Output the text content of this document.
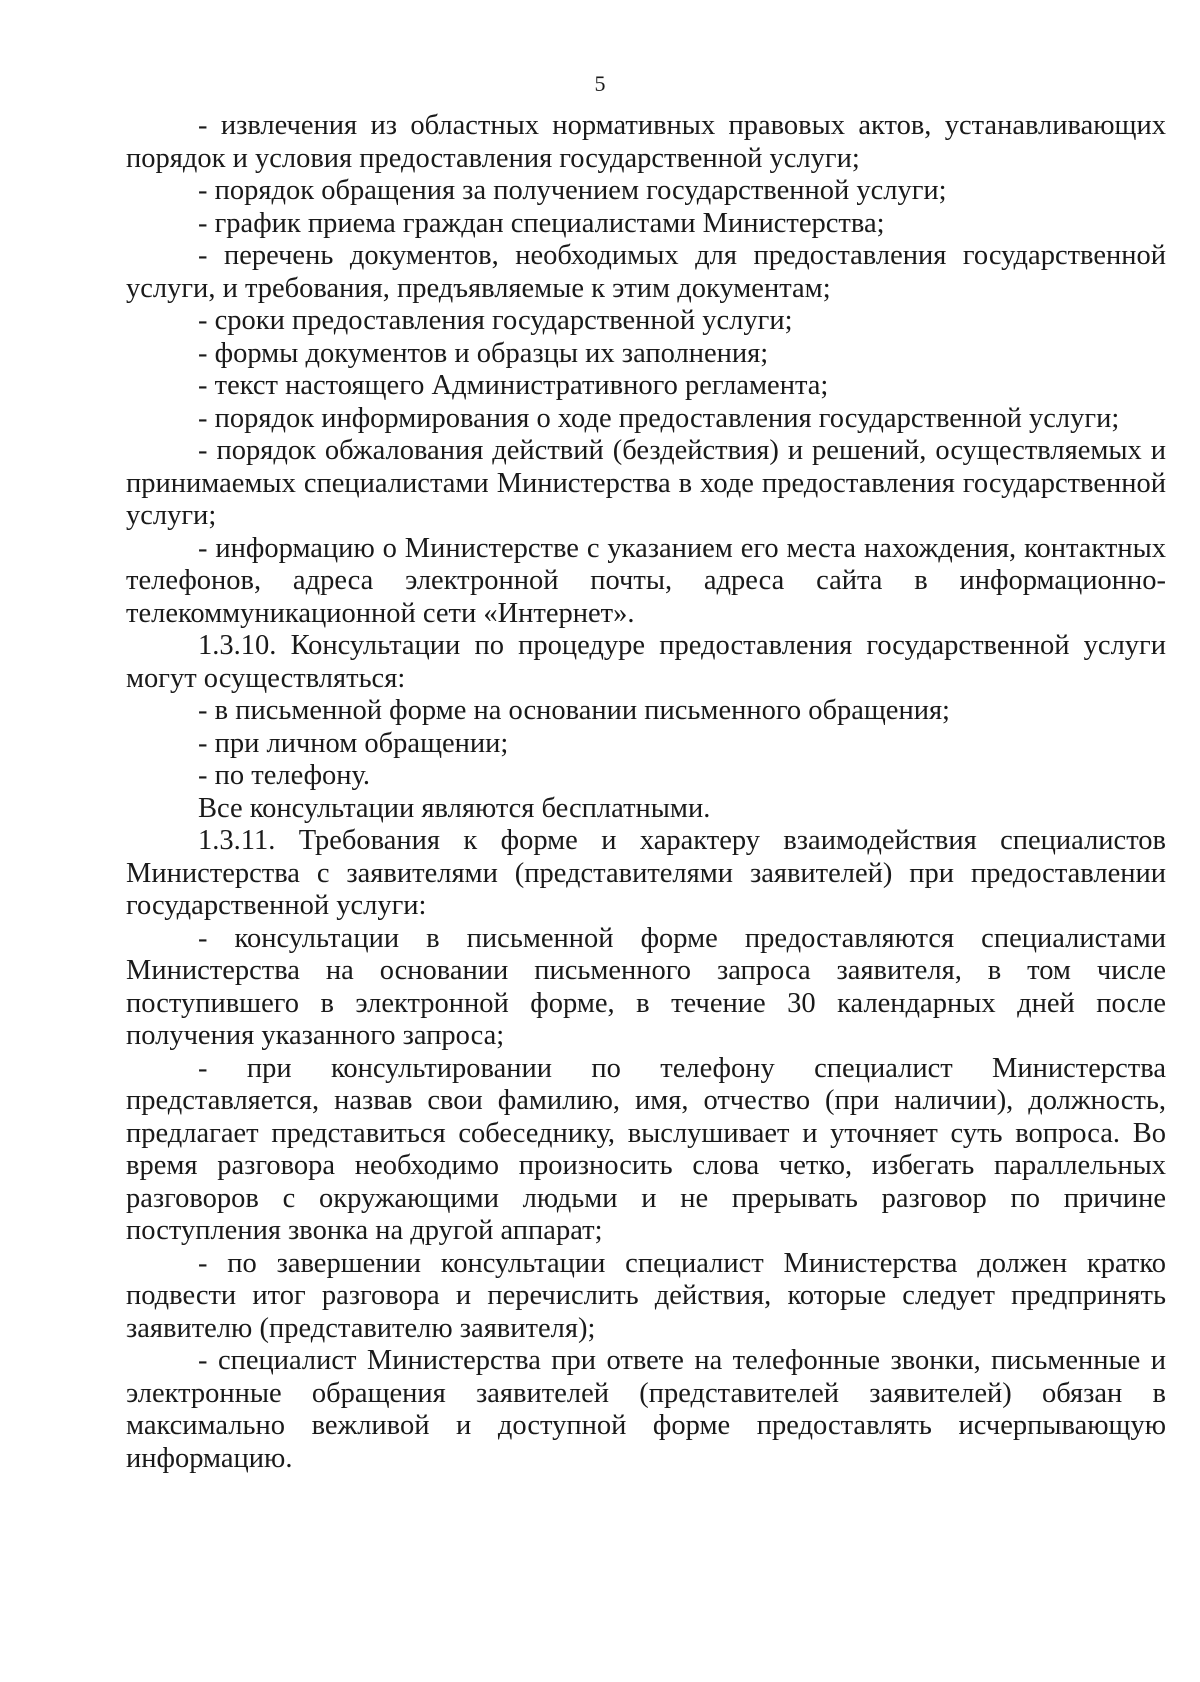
5

- извлечения из областных нормативных правовых актов, устанавливающих порядок и условия предоставления государственной услуги;

- порядок обращения за получением государственной услуги;

- график приема граждан специалистами Министерства;

- перечень документов, необходимых для предоставления государственной услуги, и требования, предъявляемые к этим документам;

- сроки предоставления государственной услуги;

- формы документов и образцы их заполнения;

- текст настоящего Административного регламента;

- порядок информирования о ходе предоставления государственной услуги;

- порядок обжалования действий (бездействия) и решений, осуществляемых и принимаемых специалистами Министерства в ходе предоставления государственной услуги;

- информацию о Министерстве с указанием его места нахождения, контактных телефонов, адреса электронной почты, адреса сайта в информационно-телекоммуникационной сети «Интернет».

1.3.10. Консультации по процедуре предоставления государственной услуги могут осуществляться:

- в письменной форме на основании письменного обращения;

- при личном обращении;

- по телефону.

Все консультации являются бесплатными.

1.3.11. Требования к форме и характеру взаимодействия специалистов Министерства с заявителями (представителями заявителей) при предоставлении государственной услуги:

- консультации в письменной форме предоставляются специалистами Министерства на основании письменного запроса заявителя, в том числе поступившего в электронной форме, в течение 30 календарных дней после получения указанного запроса;

- при консультировании по телефону специалист Министерства представляется, назвав свои фамилию, имя, отчество (при наличии), должность, предлагает представиться собеседнику, выслушивает и уточняет суть вопроса. Во время разговора необходимо произносить слова четко, избегать параллельных разговоров с окружающими людьми и не прерывать разговор по причине поступления звонка на другой аппарат;

- по завершении консультации специалист Министерства должен кратко подвести итог разговора и перечислить действия, которые следует предпринять заявителю (представителю заявителя);

- специалист Министерства при ответе на телефонные звонки, письменные и электронные обращения заявителей (представителей заявителей) обязан в максимально вежливой и доступной форме предоставлять исчерпывающую информацию.
